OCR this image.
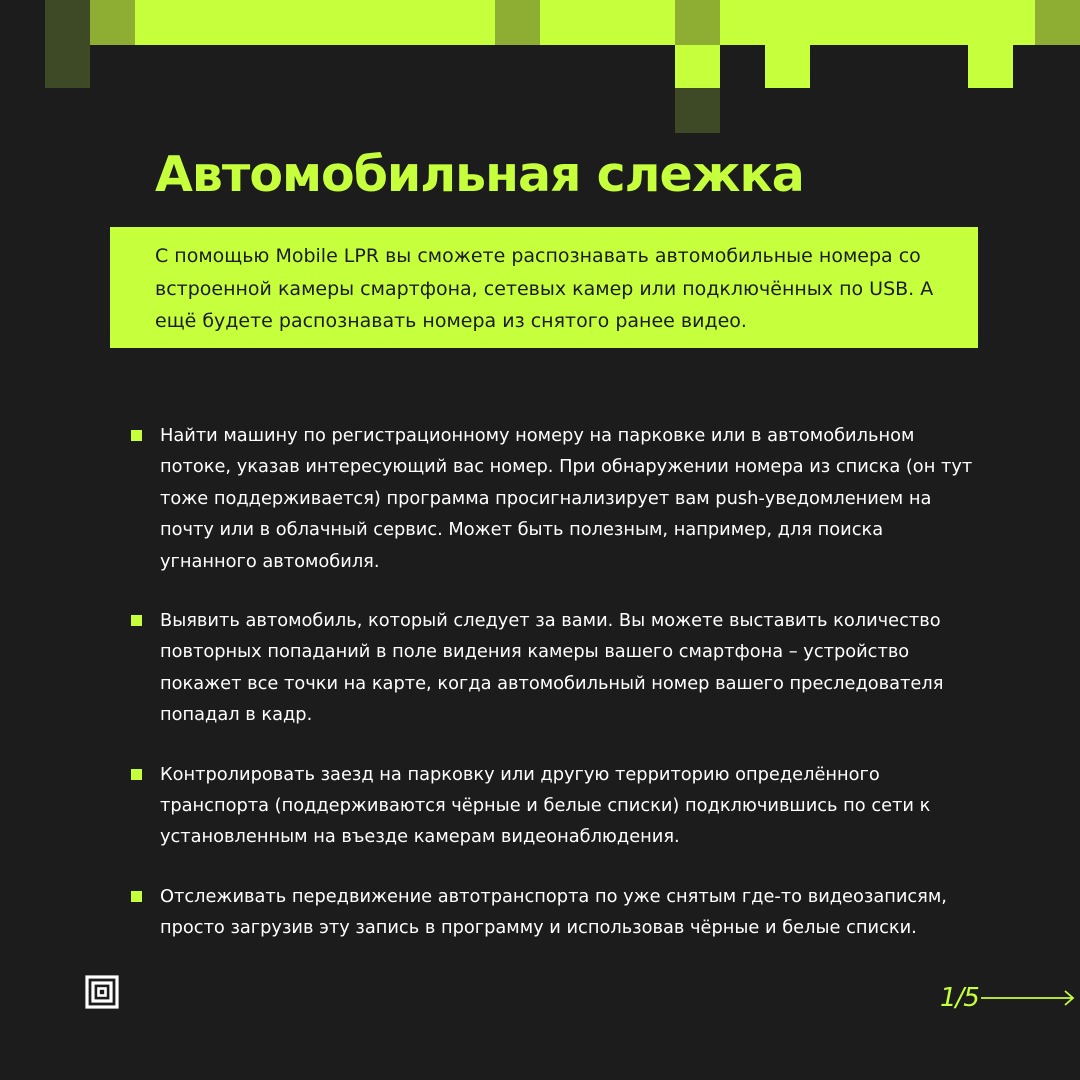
Автомобильная слежка

С помощью Mobile LPR вы сможете распознавать автомобильные номера со встроенной камеры смартфона, сетевых камер или подключённых по USB. А ещё будете распознавать номера из снятого ранее видео.

Найти машину по регистрационному номеру на парковке или в автомобильном потоке, указав интересующий вас номер. При обнаружении номера из списка (он тут тоже поддерживается) программа просигнализирует вам push-уведомлением на почту или в облачный сервис. Может быть полезным, например, для поиска угнанного автомобиля.
Выявить автомобиль, который следует за вами. Вы можете выставить количество повторных попаданий в поле видения камеры вашего смартфона – устройство покажет все точки на карте, когда автомобильный номер вашего преследователя попадал в кадр.
Контролировать заезд на парковку или другую территорию определённого транспорта (поддерживаются чёрные и белые списки) подключившись по сети к установленным на въезде камерам видеонаблюдения.
Отслеживать передвижение автотранспорта по уже снятым где-то видеозаписям, просто загрузив эту запись в программу и использовав чёрные и белые списки.
1/5
